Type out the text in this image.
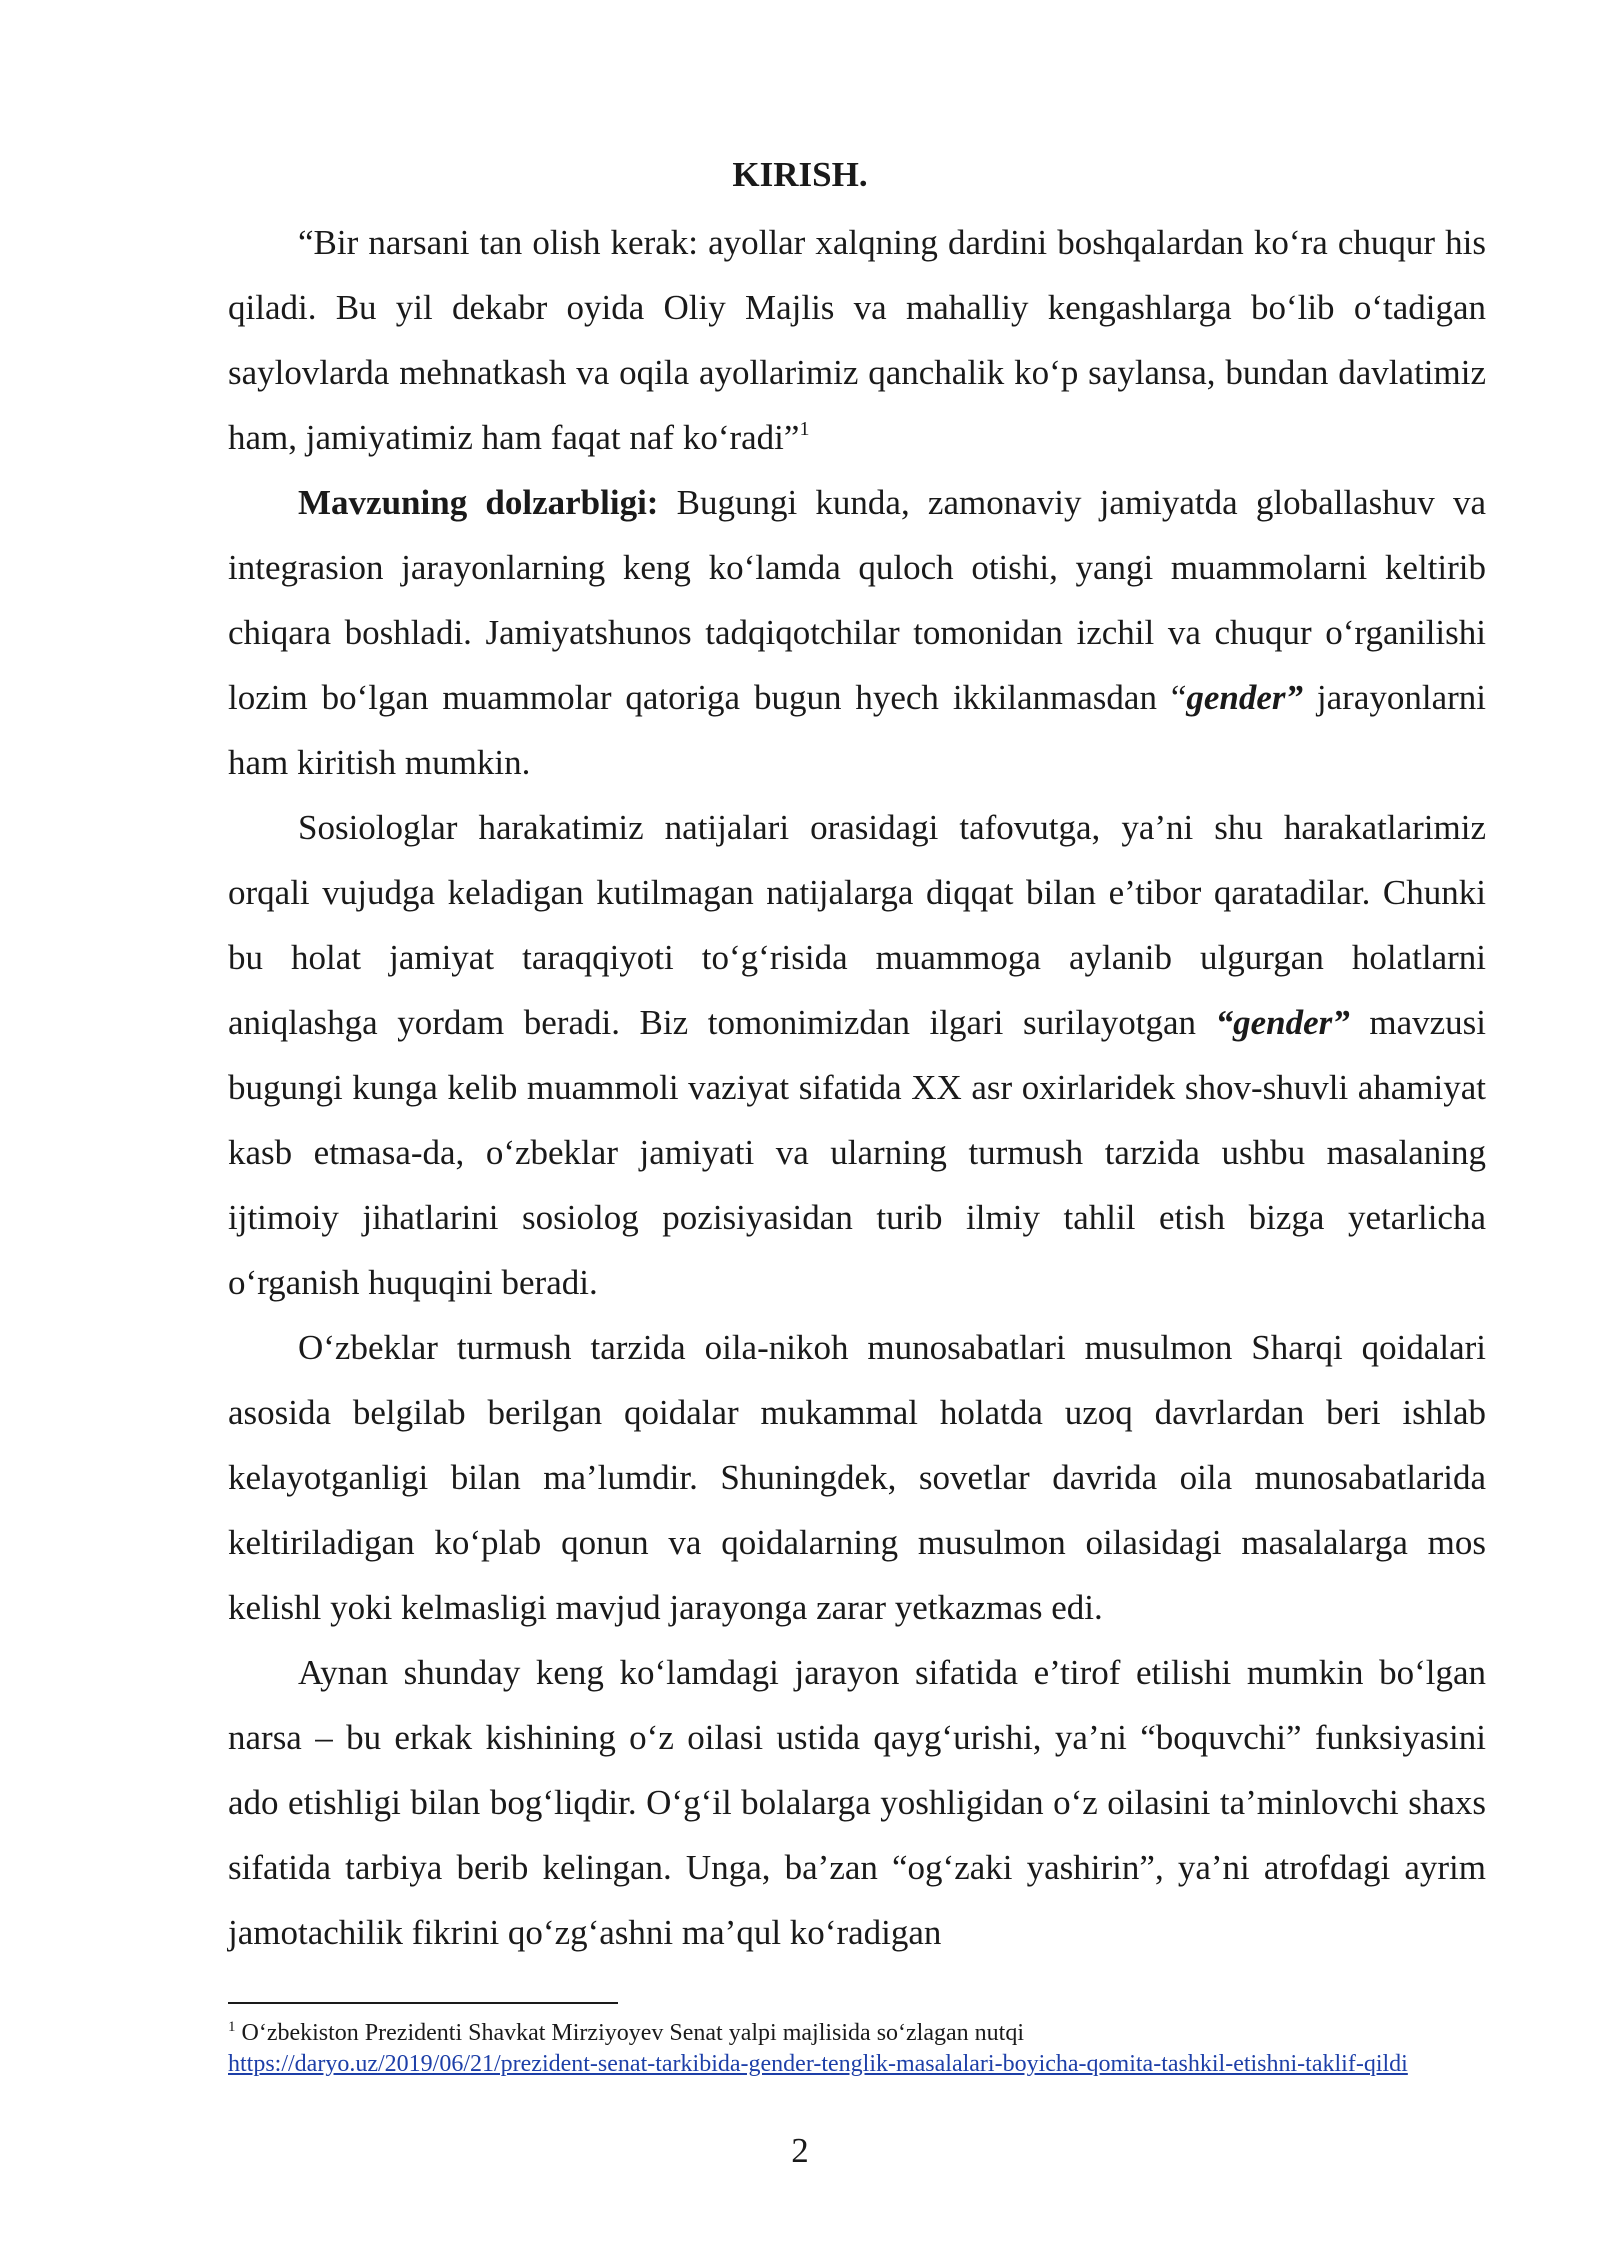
KIRISH.

“Bir narsani tan olish kerak: ayollar xalqning dardini boshqalardan koʻra chuqur his qiladi. Bu yil dekabr oyida Oliy Majlis va mahalliy kengashlarga boʻlib oʻtadigan saylovlarda mehnatkash va oqila ayollarimiz qanchalik koʻp saylansa, bundan davlatimiz ham, jamiyatimiz ham faqat naf koʻradi”$^1$

Mavzuning dolzarbligi: Bugungi kunda, zamonaviy jamiyatda globallashuv va integrasion jarayonlarning keng koʻlamda quloch otishi, yangi muammolarni keltirib chiqara boshladi. Jamiyatshunos tadqiqotchilar tomonidan izchil va chuqur oʻrganilishi lozim boʻlgan muammolar qatoriga bugun hyech ikkilanmasdan “gender” jarayonlarni ham kiritish mumkin.

Sosiologlar harakatimiz natijalari orasidagi tafovutga, ya’ni shu harakatlarimiz orqali vujudga keladigan kutilmagan natijalarga diqqat bilan e’tibor qaratadilar. Chunki bu holat jamiyat taraqqiyoti toʻgʻrisida muammoga aylanib ulgurgan holatlarni aniqlashga yordam beradi. Biz tomonimizdan ilgari surilayotgan “gender” mavzusi bugungi kunga kelib muammoli vaziyat sifatida XX asr oxirlaridek shov-shuvli ahamiyat kasb etmasa-da, oʻzbeklar jamiyati va ularning turmush tarzida ushbu masalaning ijtimoiy jihatlarini sosiolog pozisiyasidan turib ilmiy tahlil etish bizga yetarlicha oʻrganish huquqini beradi.

Oʻzbeklar turmush tarzida oila-nikoh munosabatlari musulmon Sharqi qoidalari asosida belgilab berilgan qoidalar mukammal holatda uzoq davrlardan beri ishlab kelayotganligi bilan ma’lumdir. Shuningdek, sovetlar davrida oila munosabatlarida keltiriladigan koʻplab qonun va qoidalarning musulmon oilasidagi masalalarga mos kelishl yoki kelmasligi mavjud jarayonga zarar yetkazmas edi.

Aynan shunday keng koʻlamdagi jarayon sifatida e’tirof etilishi mumkin boʻlgan narsa – bu erkak kishining oʻz oilasi ustida qaygʻurishi, ya’ni “boquvchi” funksiyasini ado etishligi bilan bogʻliqdir. Oʻgʻil bolalarga yoshligidan oʻz oilasini ta’minlovchi shaxs sifatida tarbiya berib kelingan. Unga, ba’zan “ogʻzaki yashirin”, ya’ni atrofdagi ayrim jamotachilik fikrini qoʻzgʻashni ma’qul koʻradigan

$^1$ Oʻzbekiston Prezidenti Shavkat Mirziyoyev Senat yalpi majlisida soʻzlagan nutqi
https://daryo.uz/2019/06/21/prezident-senat-tarkibida-gender-tenglik-masalalari-boyicha-qomita-tashkil-etishni-taklif-qildi
2
